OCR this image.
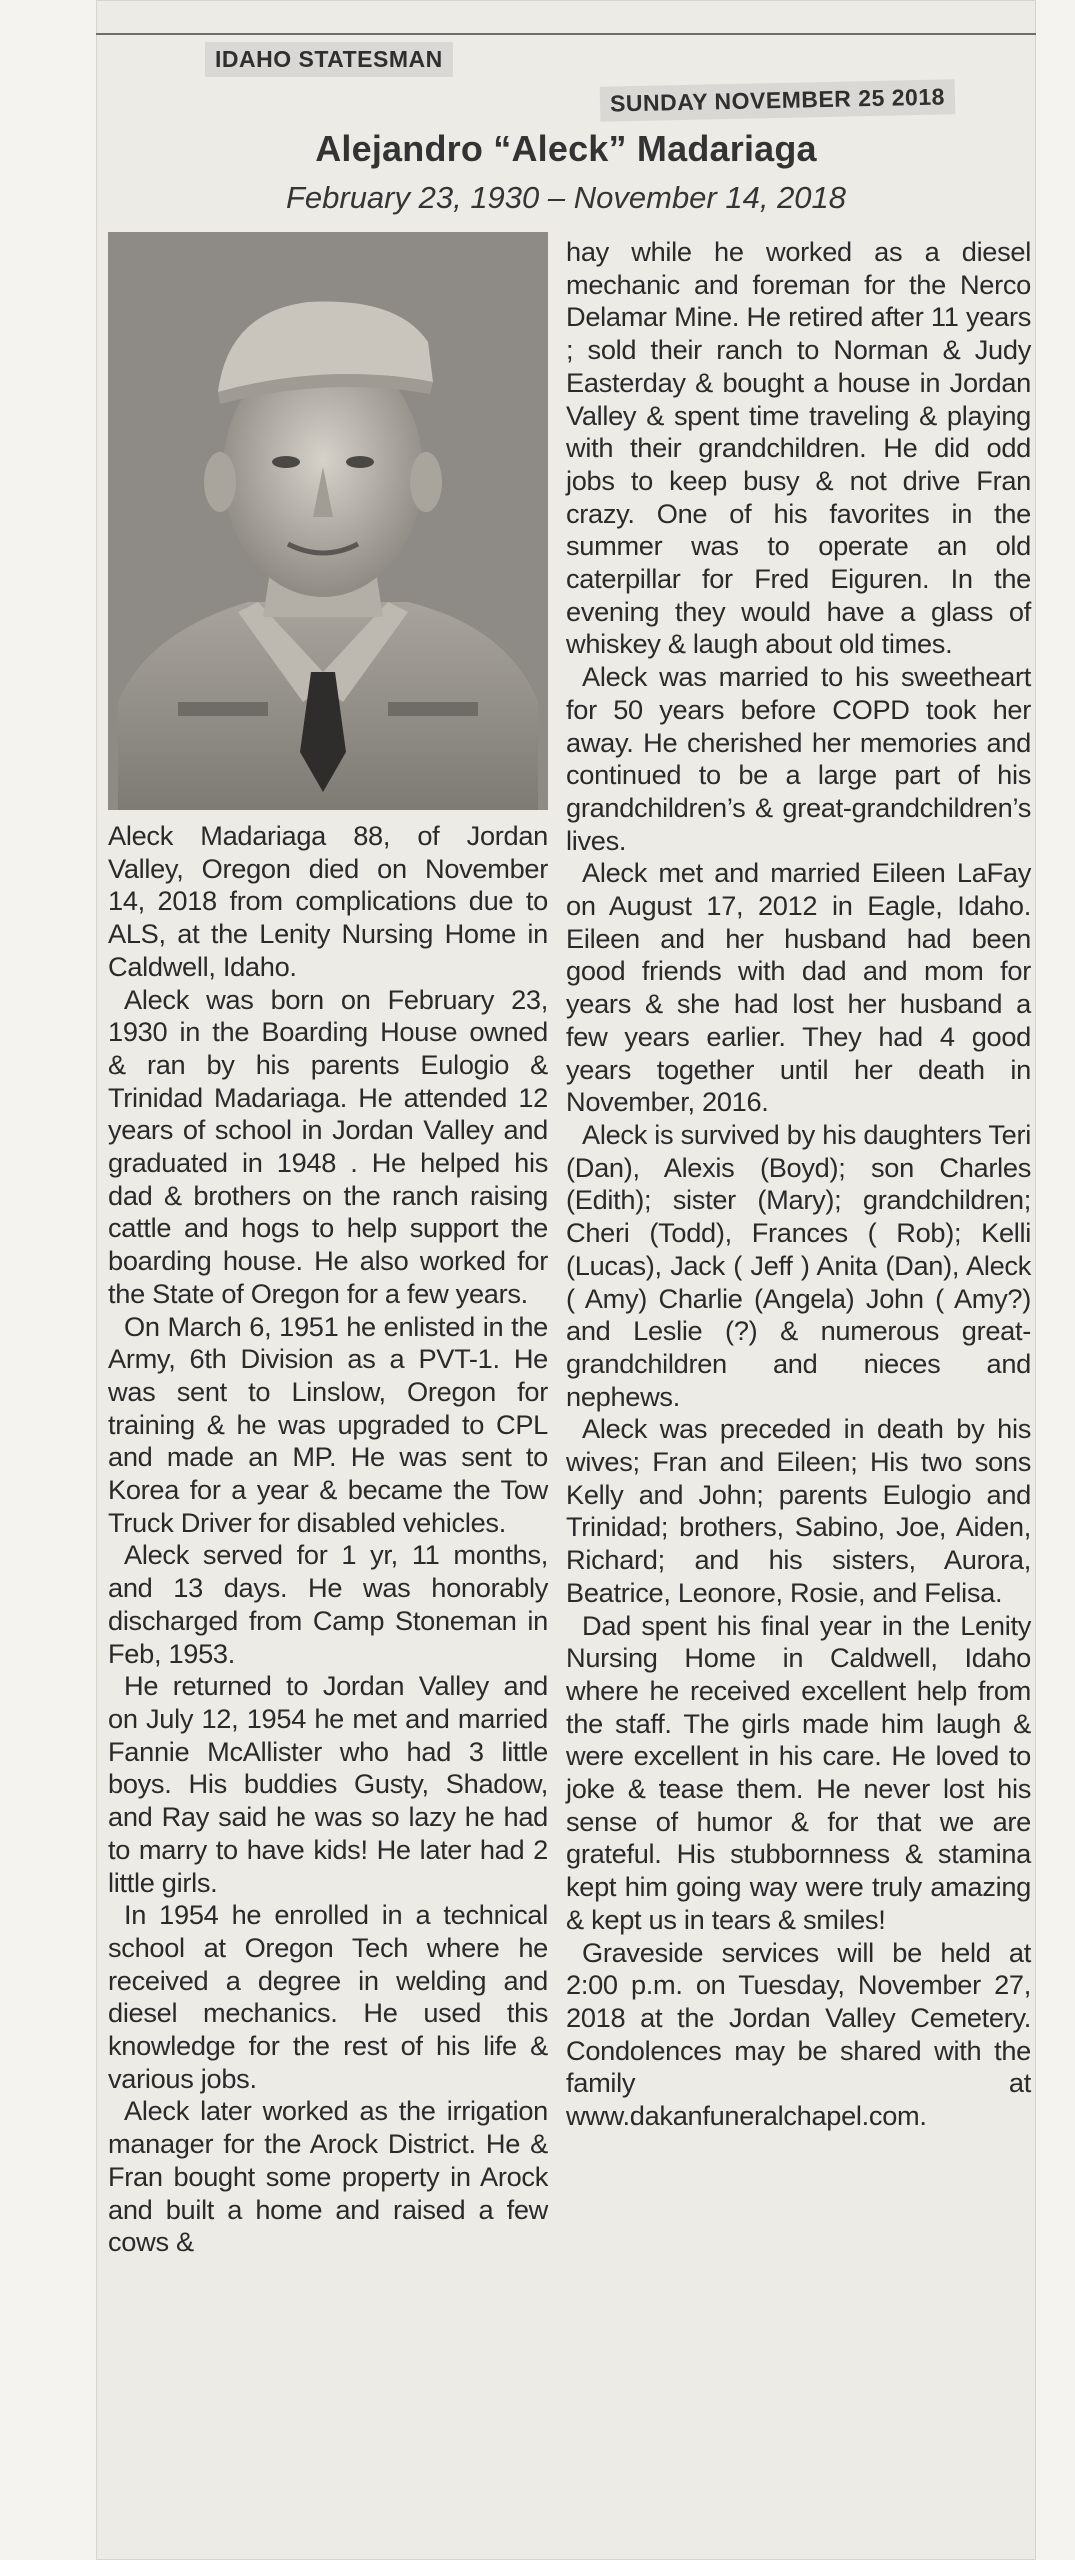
IDAHO STATESMAN
SUNDAY NOVEMBER 25 2018
Alejandro “Aleck” Madariaga
February 23, 1930 – November 14, 2018

Aleck Madariaga 88, of Jordan Valley, Oregon died on November 14, 2018 from complications due to ALS, at the Lenity Nursing Home in Caldwell, Idaho.

Aleck was born on February 23, 1930 in the Boarding House owned & ran by his parents Eulogio & Trinidad Madariaga. He attended 12 years of school in Jordan Valley and graduated in 1948 . He helped his dad & brothers on the ranch raising cattle and hogs to help support the boarding house. He also worked for the State of Oregon for a few years.

On March 6, 1951 he enlisted in the Army, 6th Division as a PVT-1. He was sent to Linslow, Oregon for training & he was upgraded to CPL and made an MP. He was sent to Korea for a year & became the Tow Truck Driver for disabled vehicles.

Aleck served for 1 yr, 11 months, and 13 days. He was honorably discharged from Camp Stoneman in Feb, 1953.

He returned to Jordan Valley and on July 12, 1954 he met and married Fannie McAllister who had 3 little boys. His buddies Gusty, Shadow, and Ray said he was so lazy he had to marry to have kids! He later had 2 little girls.

In 1954 he enrolled in a technical school at Oregon Tech where he received a degree in welding and diesel mechanics. He used this knowledge for the rest of his life & various jobs.

Aleck later worked as the irrigation manager for the Arock District. He & Fran bought some property in Arock and built a home and raised a few cows &

hay while he worked as a diesel mechanic and foreman for the Nerco Delamar Mine. He retired after 11 years ; sold their ranch to Norman & Judy Easterday & bought a house in Jordan Valley & spent time traveling & playing with their grandchildren. He did odd jobs to keep busy & not drive Fran crazy. One of his favorites in the summer was to operate an old caterpillar for Fred Eiguren. In the evening they would have a glass of whiskey & laugh about old times.

Aleck was married to his sweetheart for 50 years before COPD took her away. He cherished her memories and continued to be a large part of his grandchildren’s & great-grandchildren’s lives.

Aleck met and married Eileen LaFay on August 17, 2012 in Eagle, Idaho. Eileen and her husband had been good friends with dad and mom for years & she had lost her husband a few years earlier. They had 4 good years together until her death in November, 2016.

Aleck is survived by his daughters Teri (Dan), Alexis (Boyd); son Charles (Edith); sister (Mary); grandchildren; Cheri (Todd), Frances ( Rob); Kelli (Lucas), Jack ( Jeff ) Anita (Dan), Aleck ( Amy) Charlie (Angela) John ( Amy?) and Leslie (?) & numerous great-grandchildren and nieces and nephews.

Aleck was preceded in death by his wives; Fran and Eileen; His two sons Kelly and John; parents Eulogio and Trinidad; brothers, Sabino, Joe, Aiden, Richard; and his sisters, Aurora, Beatrice, Leonore, Rosie, and Felisa.

Dad spent his final year in the Lenity Nursing Home in Caldwell, Idaho where he received excellent help from the staff. The girls made him laugh & were excellent in his care. He loved to joke & tease them. He never lost his sense of humor & for that we are grateful. His stubbornness & stamina kept him going way were truly amazing & kept us in tears & smiles!

Graveside services will be held at 2:00 p.m. on Tuesday, November 27, 2018 at the Jordan Valley Cemetery. Condolences may be shared with the family at www.dakanfuneralchapel.com.
